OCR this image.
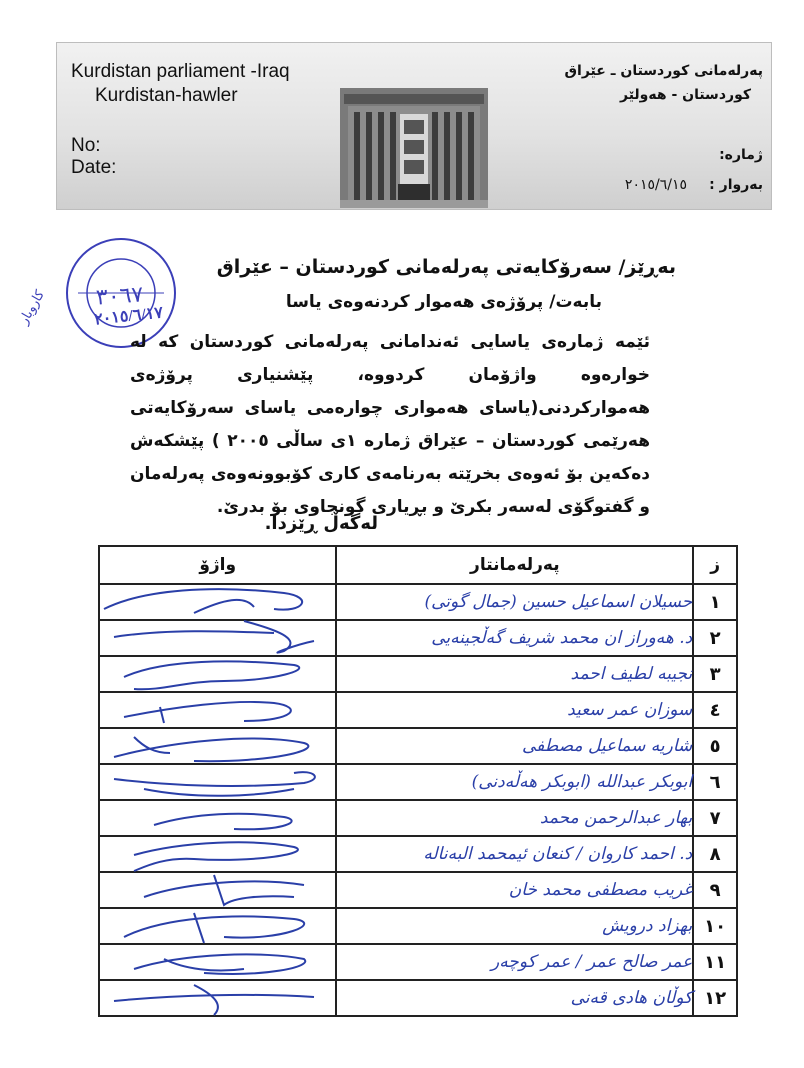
Kurdistan parliament -Iraq
Kurdistan-hawler
No:
Date:
پەرلەمانی كوردستان ـ عێراق
كوردستان - هەولێر
ژمارە:
بەروار :
٢٠١٥/٦/١٥
٣٠٦٧
٢٠١٥/٦/١٧
كاروبار
بەڕێز/ سەرۆكایەتی پەرلەمانی كوردستان – عێراق
بابەت/ پرۆژەی هەموار كردنەوەی یاسا
ئێمە ژمارەی یاسایی ئەندامانی پەرلەمانی كوردستان كە لە خوارەوە واژۆمان كردووە، پێشنیاری پرۆژەی هەمواركردنی(یاسای هەمواری چوارەمی یاسای سەرۆكایەتی هەرێمی كوردستان – عێراق ژمارە ١ی ساڵی ٢٠٠٥ ) پێشكەش دەكەین بۆ ئەوەی بخرێتە بەرنامەی كاری كۆبوونەوەی پەرلەمان و گفتوگۆی لەسەر بكرێ و بڕیاری گونجاوی بۆ بدرێ.
لەگەڵ ڕێزدا.
ز	پەرلەمانتار	واژۆ
١	حسیلان اسماعیل حسین (جمال گوتی)	

٢	د. هەوراز ان محمد شریف گەڵجینەیی	

٣	نجیبە لطیف احمد	

٤	سوزان عمر سعید	

٥	شاریە سماعیل مصطفی	

٦	ابوبكر عبدالله (ابوبكر هەڵەدنی)	

٧	بهار عبدالرحمن محمد	

٨	د. احمد كاروان / كنعان ئیمحمد البەنالە	

٩	غریب مصطفی محمد خان	

١٠	بهزاد درویش	

١١	عمر صالح عمر / عمر كوچەر	

١٢	كوڵان هادی قەنی	
